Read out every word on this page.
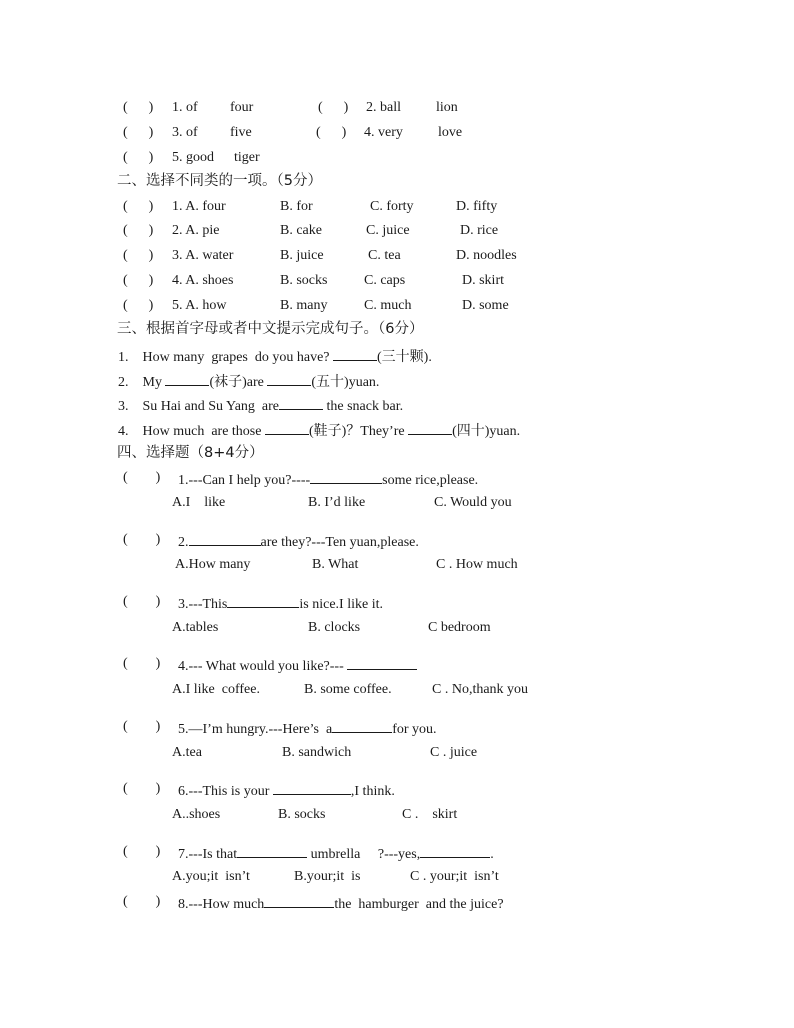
(      ) 1. of four	(      ) 2. ball	lion
(      ) 3. of five	(      ) 4. very	love
(      ) 5. good tiger
二、选择不同类的一项。（5分）
(      ) 1. A. four	B. for	C. forty	D. fifty
(      ) 2. A. pie	B. cake	C. juice	D. rice
(      ) 3. A. water	B. juice	C. tea	D. noodles
(      ) 4. A. shoes	B. socks	C. caps	D. skirt
(      ) 5. A. how	B. many	C. much	D. some
三、根据首字母或者中文提示完成句子。（6分）
1. How many  grapes  do you have?	(三十颗).
2. My	(袜子)are	(五十)yuan.
3. Su Hai and Su Yang  are	the snack bar.
4. How much  are those	(鞋子)？They’re	(四十)yuan.
四、选择题（8+4分）
(        ) 1.---Can I help you?----	some rice,please.
A.I    like	B. I’d like	C. Would you
(        ) 2.	are they?---Ten yuan,please.
A.How many	B. What	C . How much
(        ) 3.---This	is nice.I like it.
A.tables	B. clocks	C bedroom
(        ) 4.--- What would you like?---
A.I like  coffee.	B. some coffee.	C . No,thank you
(        ) 5.—I’m hungry.---Here’s  a	for you.
A.tea	B. sandwich	C . juice
(        ) 6.---This is your	,I think.
A..shoes	B. socks	C .    skirt
(        ) 7.---Is that	umbrella     ?---yes,	.
A.you;it  isn’t	B.your;it  is	C . your;it  isn’t
(        ) 8.---How much	the  hamburger  and the juice?
